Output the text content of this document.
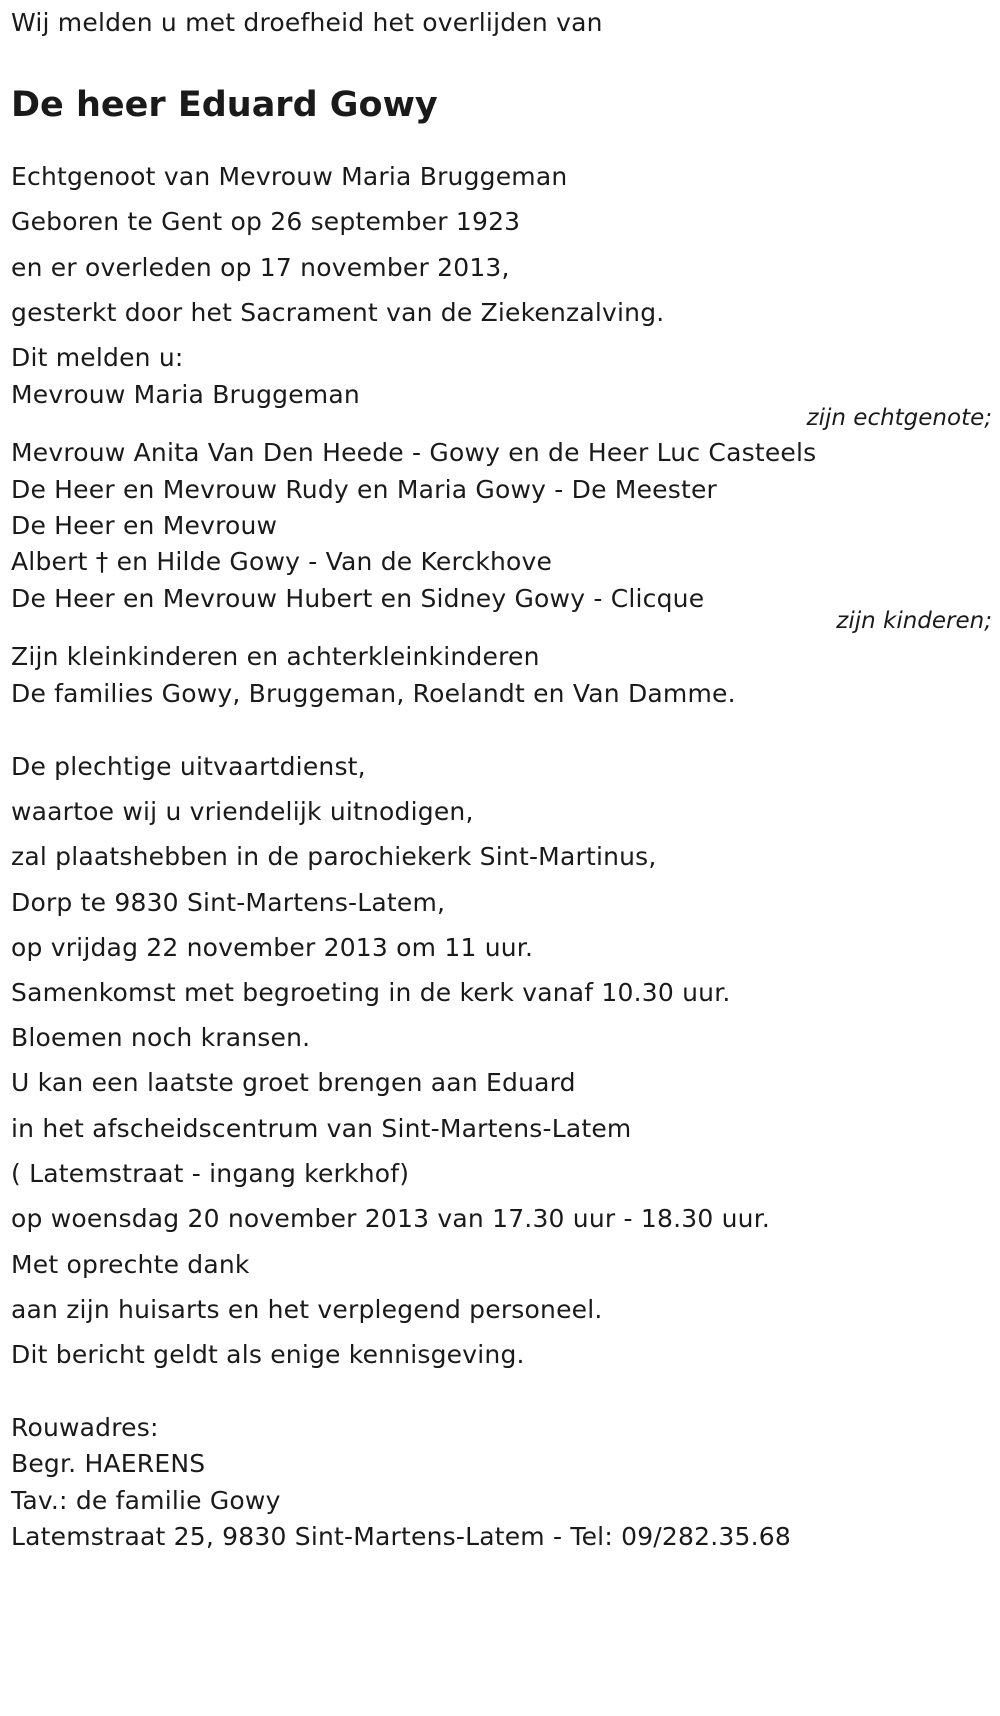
Wij melden u met droefheid het overlijden van
De heer Eduard Gowy
Echtgenoot van Mevrouw Maria Bruggeman
Geboren te Gent op 26 september 1923
en er overleden op 17 november 2013,
gesterkt door het Sacrament van de Ziekenzalving.
Dit melden u:
Mevrouw Maria Bruggeman
zijn echtgenote;
Mevrouw Anita Van Den Heede - Gowy en de Heer Luc Casteels
De Heer en Mevrouw Rudy en Maria Gowy - De Meester
De Heer en Mevrouw
Albert † en Hilde Gowy - Van de Kerckhove
De Heer en Mevrouw Hubert en Sidney Gowy - Clicque
zijn kinderen;
Zijn kleinkinderen en achterkleinkinderen
De families Gowy, Bruggeman, Roelandt en Van Damme.
De plechtige uitvaartdienst,
waartoe wij u vriendelijk uitnodigen,
zal plaatshebben in de parochiekerk Sint-Martinus,
Dorp te 9830 Sint-Martens-Latem,
op vrijdag 22 november 2013 om 11 uur.
Samenkomst met begroeting in de kerk vanaf 10.30 uur.
Bloemen noch kransen.
U kan een laatste groet brengen aan Eduard
in het afscheidscentrum van Sint-Martens-Latem
( Latemstraat - ingang kerkhof)
op woensdag 20 november 2013 van 17.30 uur - 18.30 uur.
Met oprechte dank
aan zijn huisarts en het verplegend personeel.
Dit bericht geldt als enige kennisgeving.
Rouwadres:
Begr. HAERENS
Tav.: de familie Gowy
Latemstraat 25, 9830 Sint-Martens-Latem - Tel: 09/282.35.68
